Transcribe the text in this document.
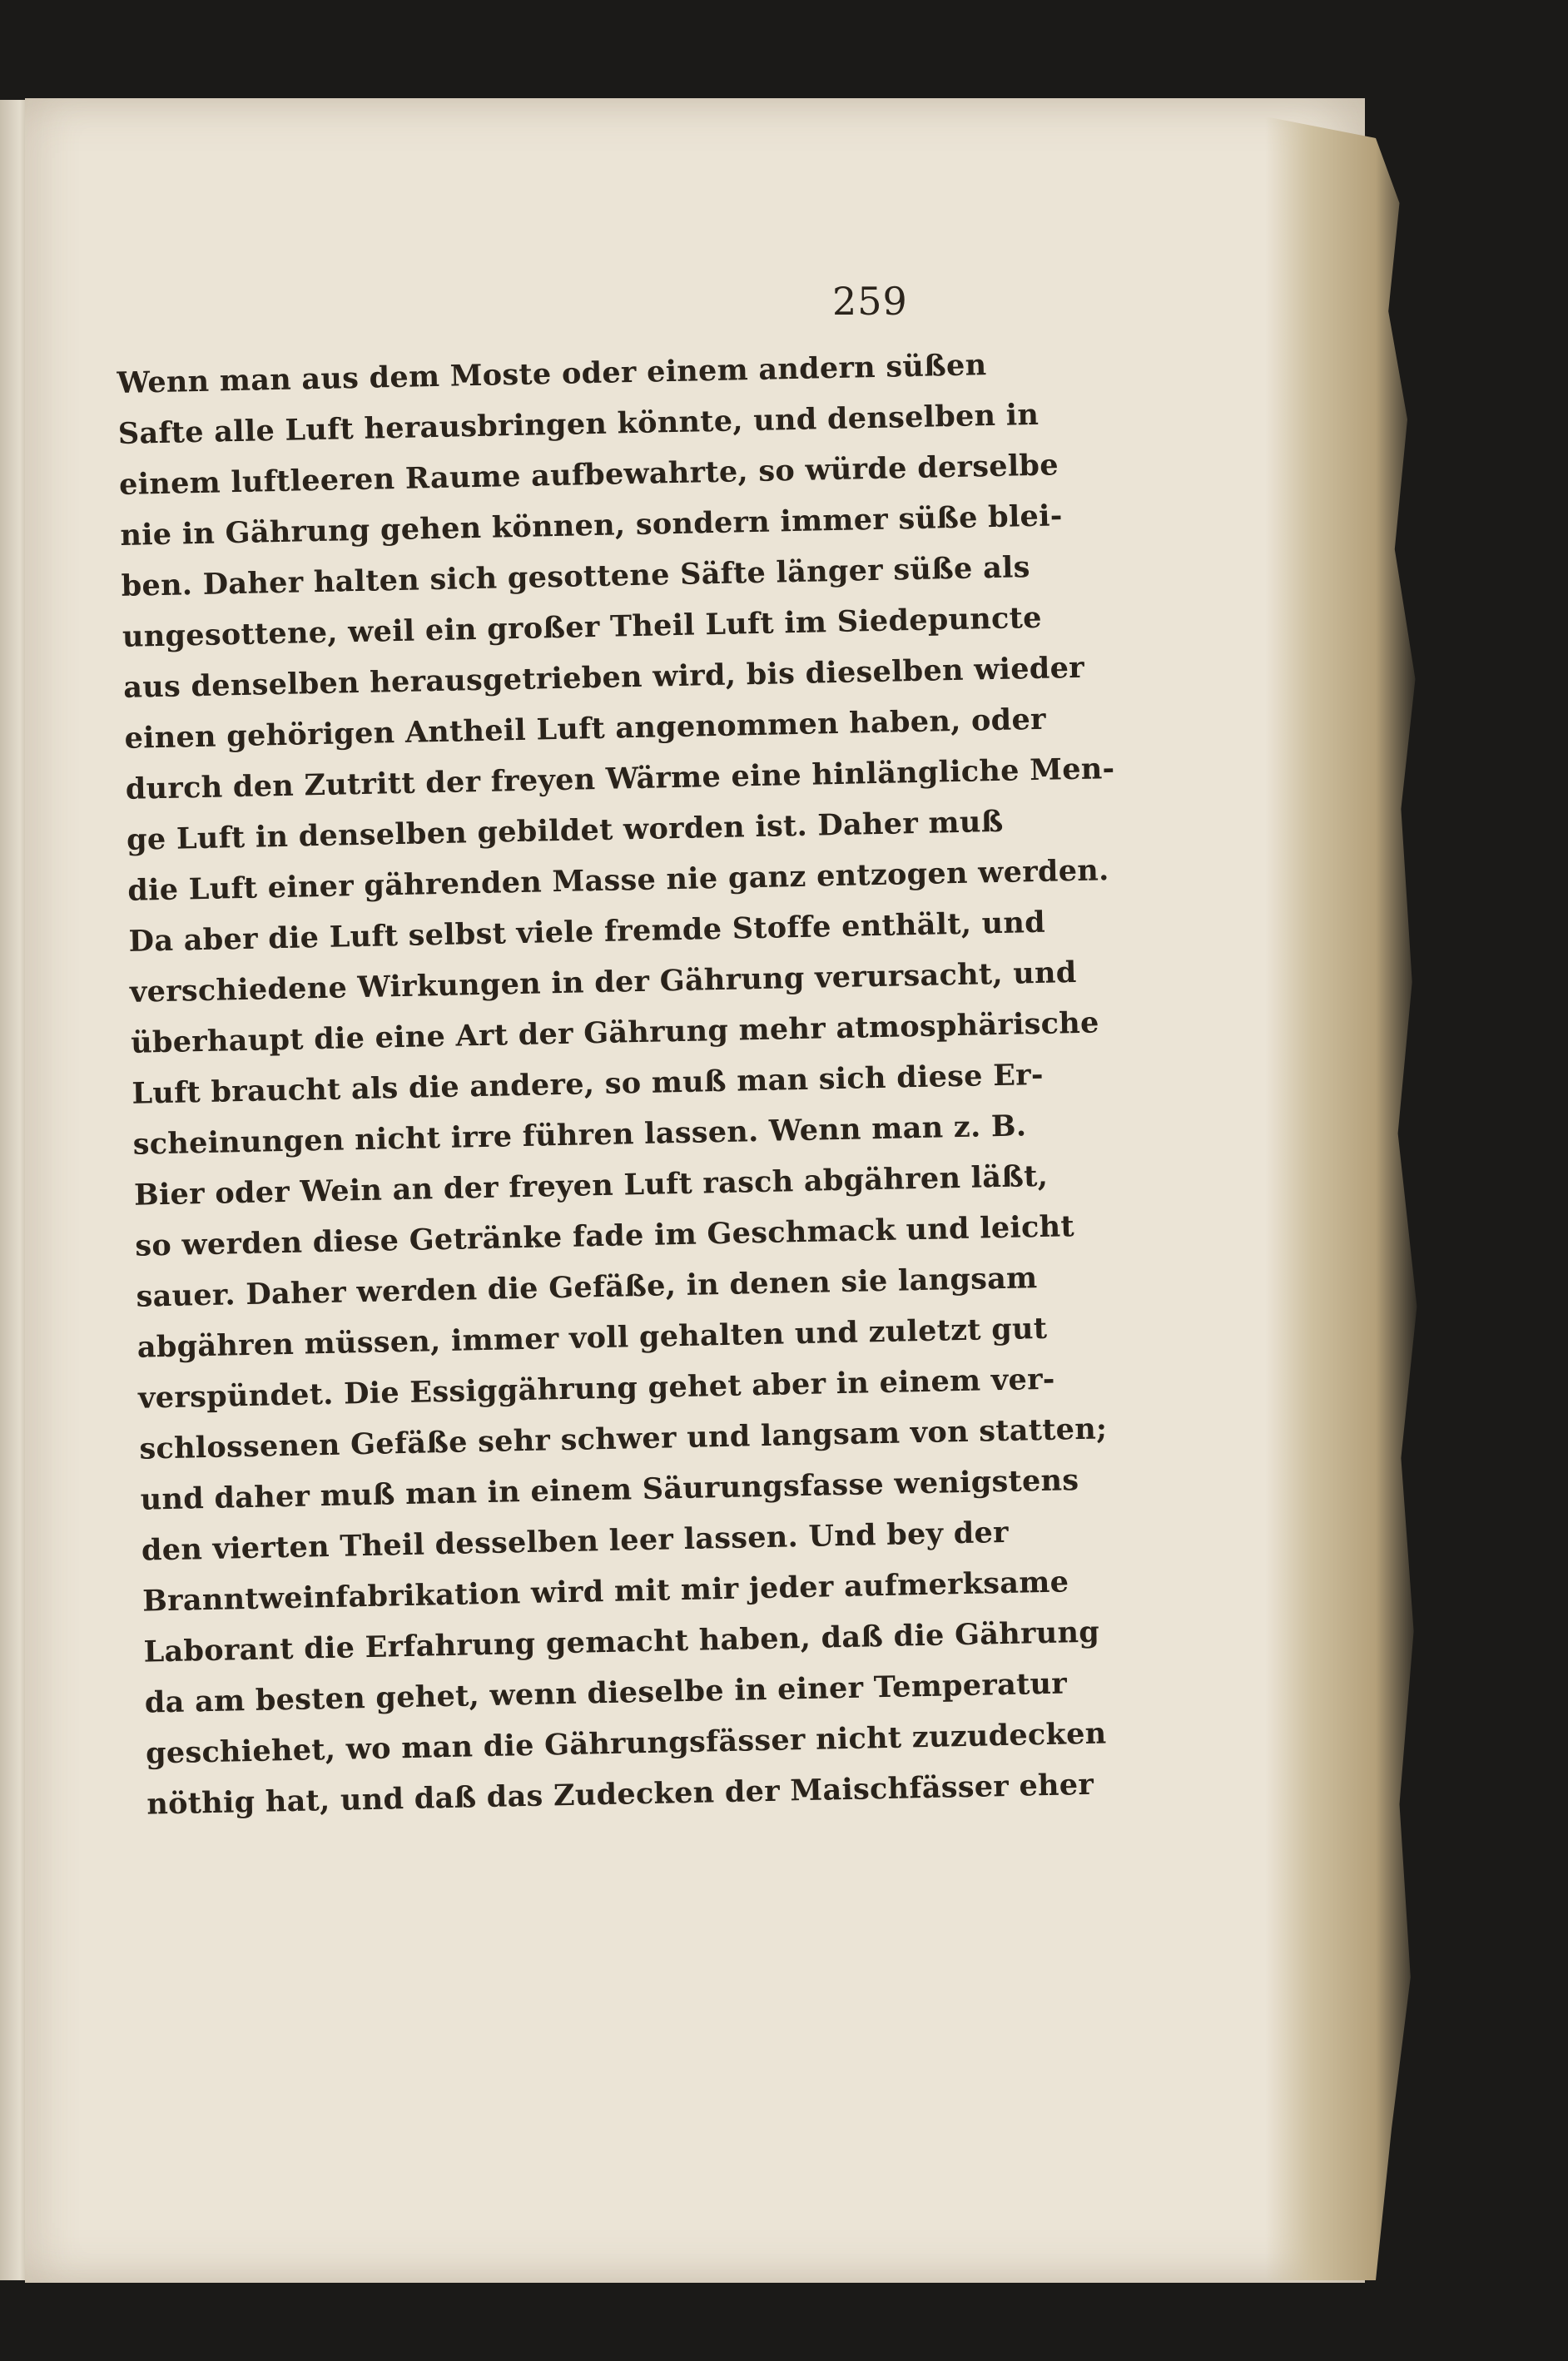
259
Wenn man aus dem Moste oder einem andern süßen
Safte alle Luft herausbringen könnte, und denselben in
einem luftleeren Raume aufbewahrte, so würde derselbe
nie in Gährung gehen können, sondern immer süße blei-
ben. Daher halten sich gesottene Säfte länger süße als
ungesottene, weil ein großer Theil Luft im Siedepuncte
aus denselben herausgetrieben wird, bis dieselben wieder
einen gehörigen Antheil Luft angenommen haben, oder
durch den Zutritt der freyen Wärme eine hinlängliche Men-
ge Luft in denselben gebildet worden ist. Daher muß
die Luft einer gährenden Masse nie ganz entzogen werden.
Da aber die Luft selbst viele fremde Stoffe enthält, und
verschiedene Wirkungen in der Gährung verursacht, und
überhaupt die eine Art der Gährung mehr atmosphärische
Luft braucht als die andere, so muß man sich diese Er-
scheinungen nicht irre führen lassen. Wenn man z. B.
Bier oder Wein an der freyen Luft rasch abgähren läßt,
so werden diese Getränke fade im Geschmack und leicht
sauer. Daher werden die Gefäße, in denen sie langsam
abgähren müssen, immer voll gehalten und zuletzt gut
verspündet. Die Essiggährung gehet aber in einem ver-
schlossenen Gefäße sehr schwer und langsam von statten;
und daher muß man in einem Säurungsfasse wenigstens
den vierten Theil desselben leer lassen. Und bey der
Branntweinfabrikation wird mit mir jeder aufmerksame
Laborant die Erfahrung gemacht haben, daß die Gährung
da am besten gehet, wenn dieselbe in einer Temperatur
geschiehet, wo man die Gährungsfässer nicht zuzudecken
nöthig hat, und daß das Zudecken der Maischfässer eher
